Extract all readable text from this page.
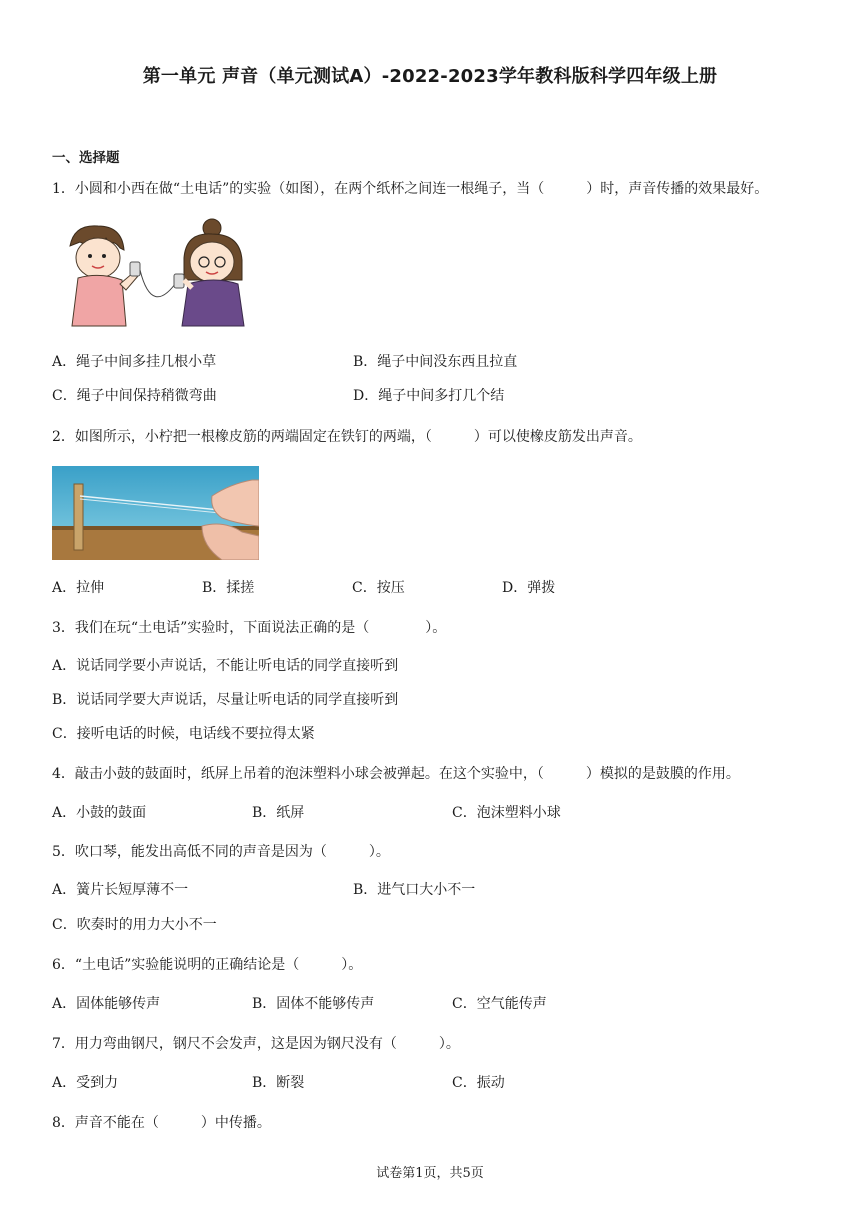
第一单元 声音（单元测试A）-2022-2023学年教科版科学四年级上册
一、选择题
1．小圆和小西在做“土电话”的实验（如图），在两个纸杯之间连一根绳子，当（　　　）时，声音传播的效果最好。
A．绳子中间多挂几根小草	B．绳子中间没东西且拉直
C．绳子中间保持稍微弯曲	D．绳子中间多打几个结
2．如图所示，小柠把一根橡皮筋的两端固定在铁钉的两端，（　　　）可以使橡皮筋发出声音。
A．拉伸	B．揉搓	C．按压	D．弹拨
3．我们在玩“土电话”实验时，下面说法正确的是（　　　　）。
A．说话同学要小声说话，不能让听电话的同学直接听到
B．说话同学要大声说话，尽量让听电话的同学直接听到
C．接听电话的时候，电话线不要拉得太紧
4．敲击小鼓的鼓面时，纸屏上吊着的泡沫塑料小球会被弹起。在这个实验中，（　　　）模拟的是鼓膜的作用。
A．小鼓的鼓面	B．纸屏	C．泡沫塑料小球
5．吹口琴，能发出高低不同的声音是因为（　　　）。
A．簧片长短厚薄不一	B．进气口大小不一
C．吹奏时的用力大小不一
6．“土电话”实验能说明的正确结论是（　　　）。
A．固体能够传声	B．固体不能够传声	C．空气能传声
7．用力弯曲钢尺，钢尺不会发声，这是因为钢尺没有（　　　）。
A．受到力	B．断裂	C．振动
8．声音不能在（　　　）中传播。
试卷第1页，共5页
